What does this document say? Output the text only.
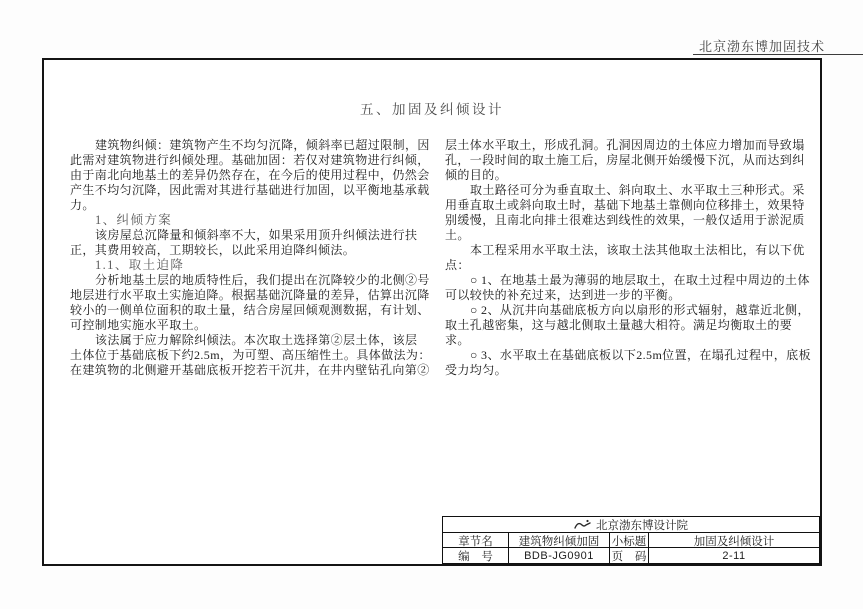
北京渤东博加固技术
五、加固及纠倾设计
建筑物纠倾：建筑物产生不均匀沉降，倾斜率已超过限制，因
此需对建筑物进行纠倾处理。基础加固：若仅对建筑物进行纠倾，
由于南北向地基土的差异仍然存在，在今后的使用过程中，仍然会
产生不均匀沉降，因此需对其进行基础进行加固，以平衡地基承载
力。
1、纠倾方案
该房屋总沉降量和倾斜率不大，如果采用顶升纠倾法进行扶
正，其费用较高，工期较长，以此采用迫降纠倾法。
1.1、取土迫降
分析地基土层的地质特性后，我们提出在沉降较少的北侧②号
地层进行水平取土实施迫降。根据基础沉降量的差异，估算出沉降
较小的一侧单位面积的取土量，结合房屋回倾观测数据，有计划、
可控制地实施水平取土。
该法属于应力解除纠倾法。本次取土选择第②层土体，该层
土体位于基础底板下约2.5m，为可塑、高压缩性土。具体做法为：
在建筑物的北侧避开基础底板开挖若干沉井，在井内壁钻孔向第②
层土体水平取土，形成孔洞。孔洞因周边的土体应力增加而导致塌
孔，一段时间的取土施工后，房屋北侧开始缓慢下沉，从而达到纠
倾的目的。
取土路径可分为垂直取土、斜向取土、水平取土三种形式。采
用垂直取土或斜向取土时，基础下地基土靠侧向位移排土，效果特
别缓慢，且南北向排土很难达到线性的效果，一般仅适用于淤泥质
土。
本工程采用水平取土法，该取土法其他取土法相比，有以下优
点：
○ 1、在地基土最为薄弱的地层取土，在取土过程中周边的土体
可以较快的补充过来，达到进一步的平衡。
○ 2、从沉井向基础底板方向以扇形的形式辐射，越靠近北侧，
取土孔越密集，这与越北侧取土量越大相符。满足均衡取土的要
求。
○ 3、水平取土在基础底板以下2.5m位置，在塌孔过程中，底板
受力均匀。
北京渤东博设计院
章节名	建筑物纠倾加固	小标题	加固及纠倾设计
编 号	BDB-JG0901	页 码	2-11
